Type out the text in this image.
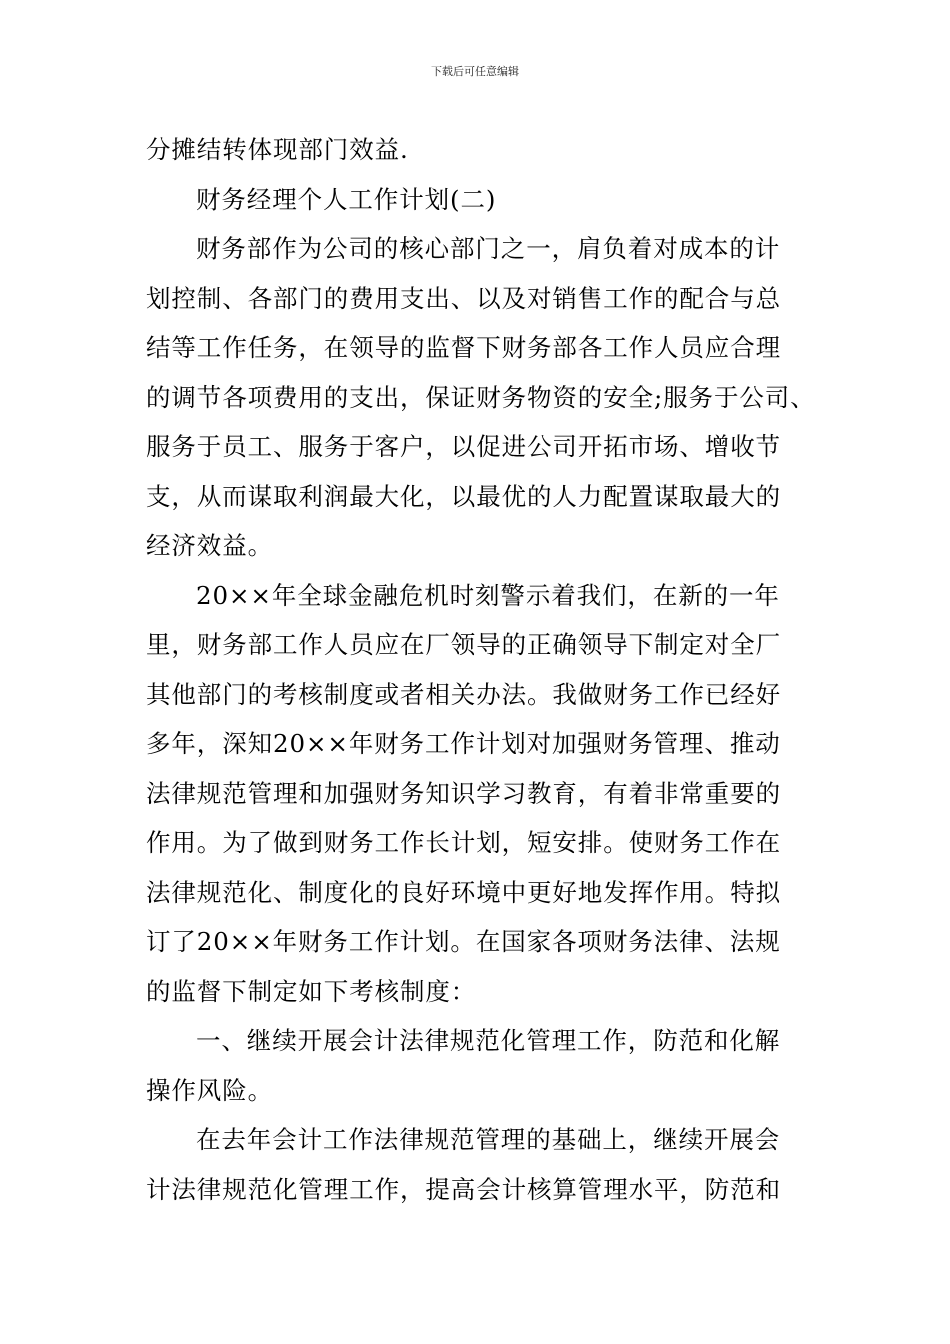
下载后可任意编辑
分摊结转体现部门效益.
财务经理个人工作计划(二)
财务部作为公司的核心部门之一，肩负着对成本的计
划控制、各部门的费用支出、以及对销售工作的配合与总
结等工作任务，在领导的监督下财务部各工作人员应合理
的调节各项费用的支出，保证财务物资的安全;服务于公司、
服务于员工、服务于客户，以促进公司开拓市场、增收节
支，从而谋取利润最大化，以最优的人力配置谋取最大的
经济效益。
20××年全球金融危机时刻警示着我们，在新的一年
里，财务部工作人员应在厂领导的正确领导下制定对全厂
其他部门的考核制度或者相关办法。我做财务工作已经好
多年，深知20××年财务工作计划对加强财务管理、推动
法律规范管理和加强财务知识学习教育，有着非常重要的
作用。为了做到财务工作长计划，短安排。使财务工作在
法律规范化、制度化的良好环境中更好地发挥作用。特拟
订了20××年财务工作计划。在国家各项财务法律、法规
的监督下制定如下考核制度：
一、继续开展会计法律规范化管理工作，防范和化解
操作风险。
在去年会计工作法律规范管理的基础上，继续开展会
计法律规范化管理工作，提高会计核算管理水平，防范和
